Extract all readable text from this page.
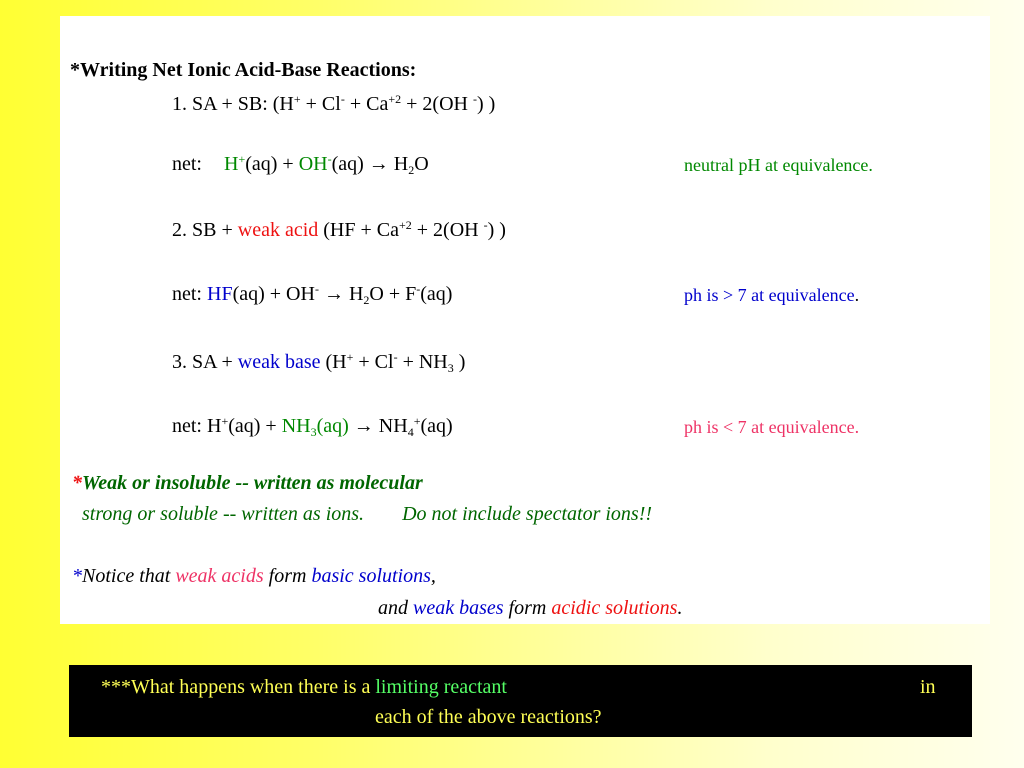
*Writing Net Ionic Acid-Base Reactions:
1. SA + SB: ($H^+ + Cl^- + Ca^{+2} + 2(OH$ -) )
net: $H^+(aq) + OH^-(aq) \to H_2O$	neutral pH at equivalence.
2. SB + weak acid ($HF + Ca^{+2} + 2(OH$ -) )
net: $HF(aq) + OH^- \to H_2O + F^-(aq)$	ph is > 7 at equivalence.
3. SA + weak base ($H^+ + Cl^- + NH_3$ )
net: $H^+(aq) + NH_3(aq) \to NH_4^+(aq)$	ph is < 7 at equivalence.
*Weak or insoluble -- written as molecular
strong or soluble -- written as ions. Do not include spectator ions!!
*Notice that weak acids form basic solutions,
and weak bases form acidic solutions.
***What happens when there is a limiting reactant	in
each of the above reactions?
